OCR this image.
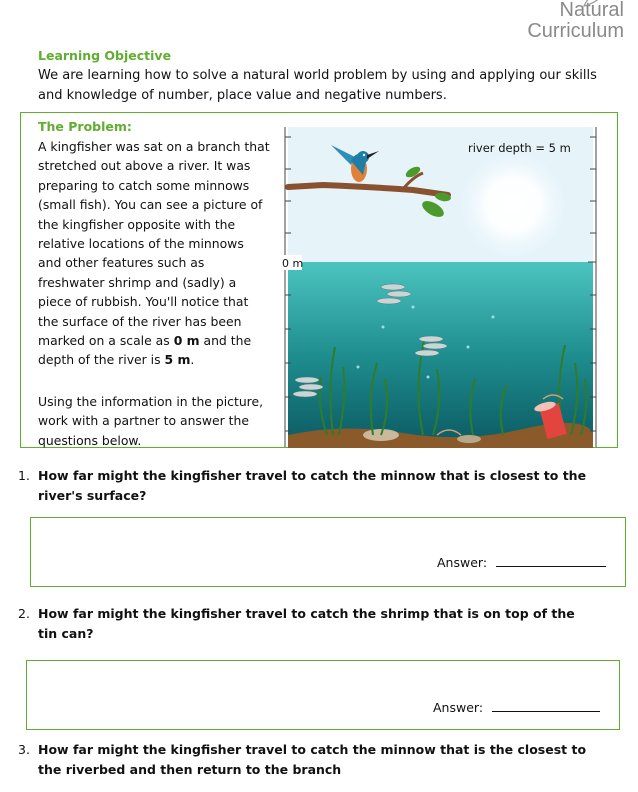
Natural
Curriculum
Learning Objective
We are learning how to solve a natural world problem by using and applying our skills and knowledge of number, place value and negative numbers.
The Problem:
A kingfisher was sat on a branch that stretched out above a river. It was preparing to catch some minnows (small fish). You can see a picture of the kingfisher opposite with the relative locations of the minnows and other features such as freshwater shrimp and (sadly) a piece of rubbish. You'll notice that the surface of the river has been marked on a scale as 0 m and the depth of the river is 5 m.
Using the information in the picture, work with a partner to answer the questions below.
0 m
river depth = 5 m
1. How far might the kingfisher travel to catch the minnow that is closest to the
river's surface?
Answer:
2. How far might the kingfisher travel to catch the shrimp that is on top of the
tin can?
Answer:
3. How far might the kingfisher travel to catch the minnow that is the closest to
the riverbed and then return to the branch
